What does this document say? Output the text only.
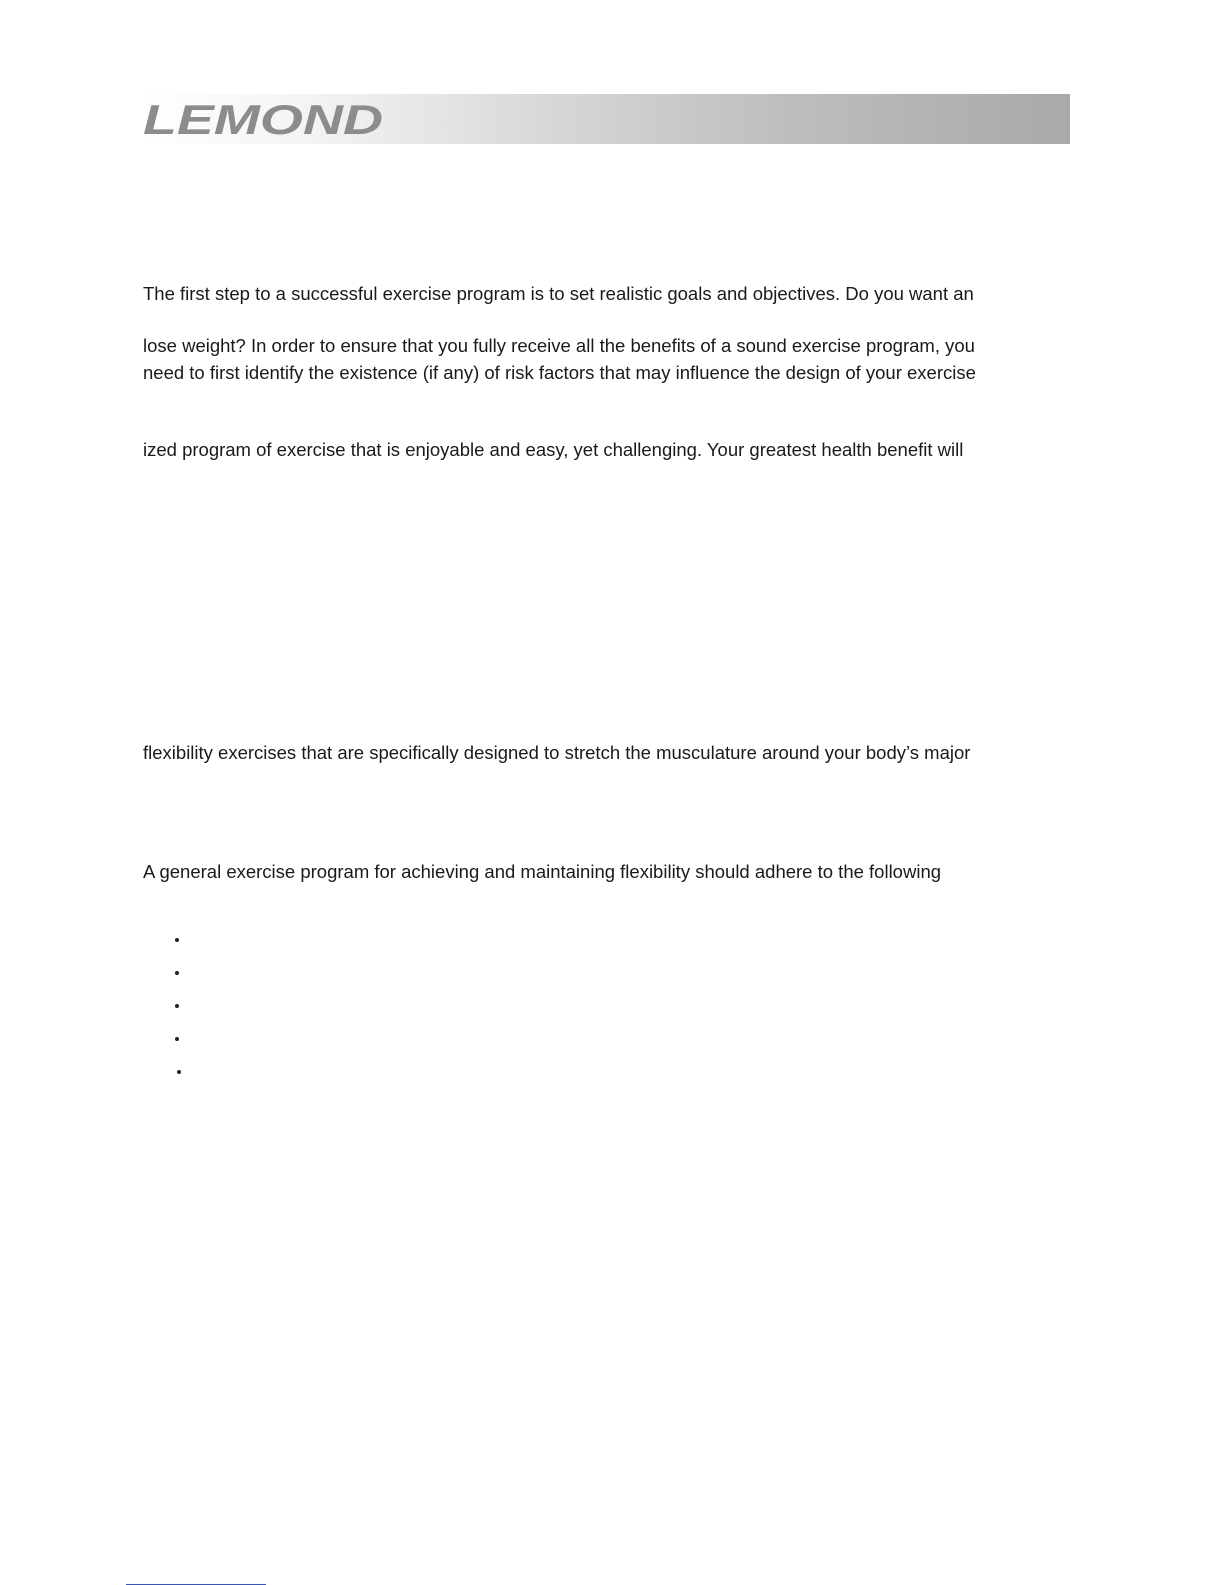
LEMOND

The first step to a successful exercise program is to set realistic goals and objectives. Do you want an

lose weight? In order to ensure that you fully receive all the benefits of a sound exercise program, you

need to first identify the existence (if any) of risk factors that may influence the design of your exercise

ized program of exercise that is enjoyable and easy, yet challenging. Your greatest health benefit will

flexibility exercises that are specifically designed to stretch the musculature around your body’s major

A general exercise program for achieving and maintaining flexibility should adhere to the following
